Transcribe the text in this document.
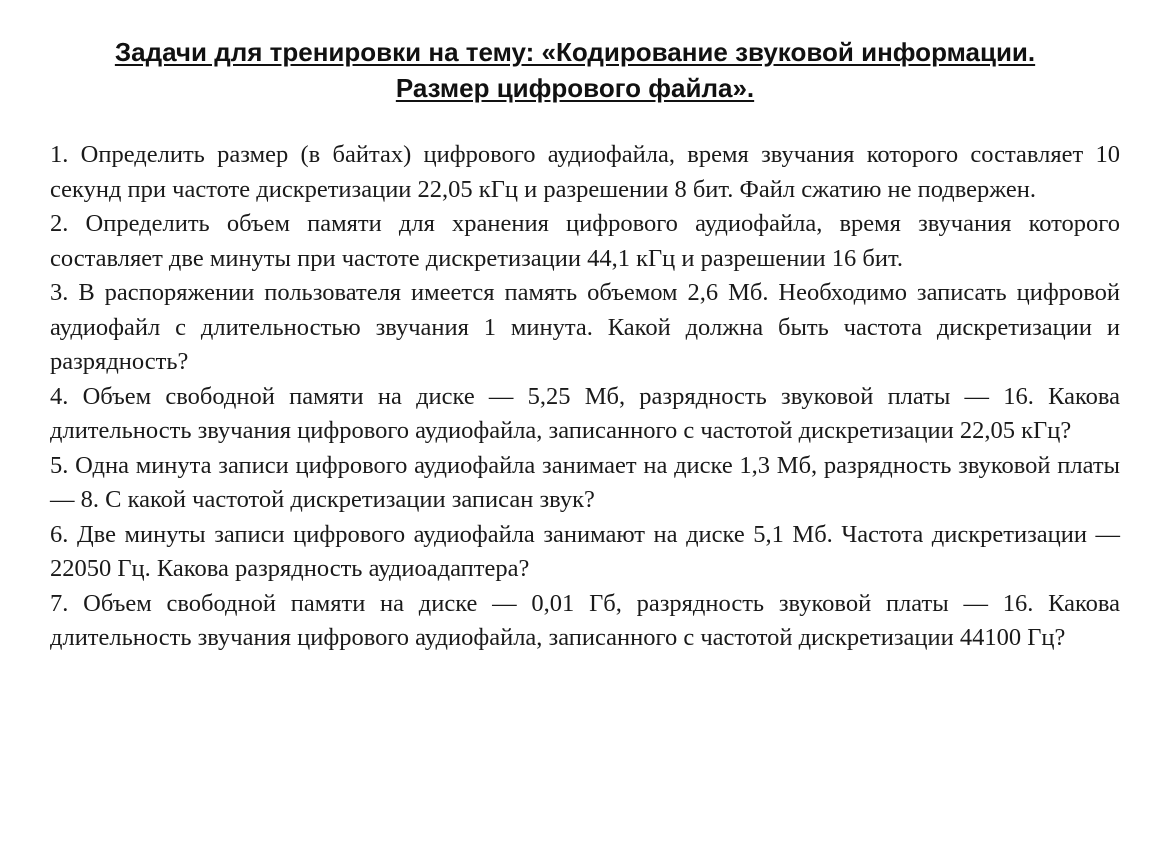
Задачи для тренировки на тему: «Кодирование звуковой информации.
Размер цифрового файла».

1. Определить размер (в байтах) цифрового аудиофайла, время звучания которого составляет 10 секунд при частоте дискретизации 22,05 кГц и разрешении 8 бит. Файл сжатию не подвержен.

2. Определить объем памяти для хранения цифрового аудиофайла, время звучания которого составляет две минуты при частоте дискретизации 44,1 кГц и разрешении 16 бит.

3. В распоряжении пользователя имеется память объемом 2,6 Мб. Необходимо записать цифровой аудиофайл с длительностью звучания 1 минута. Какой должна быть частота дискретизации и разрядность?

4. Объем свободной памяти на диске — 5,25 Мб, разрядность звуковой платы — 16. Какова длительность звучания цифрового аудиофайла, записанного с частотой дискретизации 22,05 кГц?

5. Одна минута записи цифрового аудиофайла занимает на диске 1,3 Мб, разрядность звуковой платы — 8. С какой частотой дискретизации записан звук?

6. Две минуты записи цифрового аудиофайла занимают на диске 5,1 Мб. Частота дискретизации — 22050 Гц. Какова разрядность аудиоадаптера?

7. Объем свободной памяти на диске — 0,01 Гб, разрядность звуковой платы — 16. Какова длительность звучания цифрового аудиофайла, записанного с частотой дискретизации 44100 Гц?
